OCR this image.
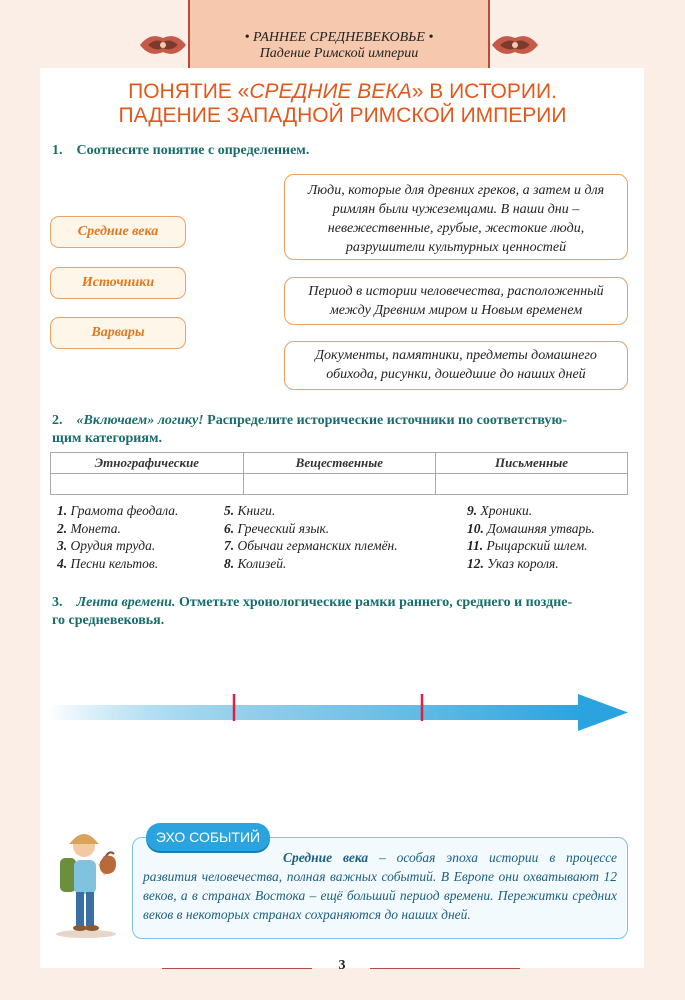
• РАННЕЕ СРЕДНЕВЕКОВЬЕ •
Падение Римской империи
ПОНЯТИЕ «СРЕДНИЕ ВЕКА» В ИСТОРИИ.
ПАДЕНИЕ ЗАПАДНОЙ РИМСКОЙ ИМПЕРИИ
1. Соотнесите понятие с определением.
Средние века
Источники
Варвары
Люди, которые для древних греков, а затем и для римлян были чужеземцами. В наши дни – невежественные, грубые, жестокие люди, разрушители культурных ценностей
Период в истории человечества, расположенный между Древним миром и Новым временем
Документы, памятники, предметы домашнего обихода, рисунки, дошедшие до наших дней
2. «Включаем» логику! Распределите исторические источники по соответствую-
щим категориям.
Этнографические	Вещественные	Письменные

1. Грамота феодала.
2. Монета.
3. Орудия труда.
4. Песни кельтов.
5. Книги.
6. Греческий язык.
7. Обычаи германских племён.
8. Колизей.
9. Хроники.
10. Домашняя утварь.
11. Рыцарский шлем.
12. Указ короля.
3. Лента времени. Отметьте хронологические рамки раннего, среднего и поздне-
го средневековья.
Средние века – особая эпоха истории в процессе развития человечества, полная важных событий. В Европе они охватывают 12 веков, а в странах Востока – ещё больший период времени. Пережитки средних веков в некоторых странах сохраняются до наших дней.
ЭХО СОБЫТИЙ
3
